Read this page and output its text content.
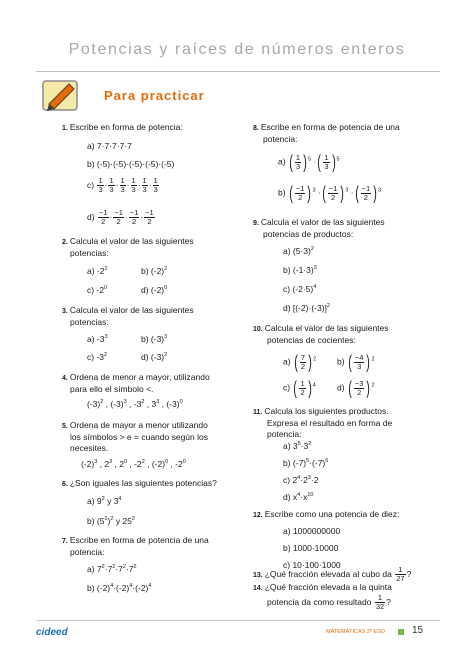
Potencias y raíces de números enteros
Para practicar
1. Escribe en forma de potencia:
a) 7·7·7·7·7
b) (-5)·(-5)·(-5)·(-5)·(-5)
$c) \frac{1}{3} \cdot \frac{1}{3} \cdot \frac{1}{3} \cdot \frac{1}{3} \cdot \frac{1}{3} \cdot \frac{1}{3}$
$d) \frac{-1}{2} \cdot \frac{-1}{2} \cdot \frac{-1}{2} \cdot \frac{-1}{2}$
2. Calcula el valor de las siguientes
potencias:
a) $-2^2$	b) $(-2)^2$
c) $-2^0$	d) $(-2)^0$
3. Calcula el valor de las siguientes
potencias:
a) $-3^3$	b) $(-3)^3$
c) $-3^2$	d) $(-3)^2$
4. Ordena de menor a mayor, utilizando
para ello el símbolo <.
$(-3)^2$ , $(-3)^3$ , $-3^2$ , $3^3$ , $(-3)^0$
5. Ordena de mayor a menor utilizando
los símbolos > e = cuando según los
necesites.
$(-2)^3$ , $2^3$ , $2^0$ , $-2^2$ , $(-2)^0$ , $-2^0$
6. ¿Son iguales las siguientes potencias?
a) $9^2$ y $3^4$
b) $(5^2)^2$ y $25^2$
7. Escribe en forma de potencia de una
potencia:
a) $7^2\cdot 7^2\cdot 7^2\cdot 7^2$
b) $(-2)^4\cdot(-2)^4\cdot(-2)^4$
8. Escribe en forma de potencia de una
potencia:
a) ( $\frac{1}{3} )^5$ ·( $\frac{1}{3} )^5$
b) ( $\frac{-1}{2} )^3$ ·( $\frac{-1}{2} )^3$ ·( $\frac{-1}{2} )^3$
9. Calcula el valor de las siguientes
potencias de productos:
a) $(5\cdot 3)^2$
b) $(-1\cdot 3)^3$
c) $(-2\cdot 5)^4$
d) $[(-2)\cdot(-3)]^2$
10. Calcula el valor de las siguientes
potencias de cocientes:
a) ( $\frac{7}{2} )^2$ b) ( $\frac{-4}{3} )^2$
c) ( $\frac{1}{2} )^4$	d) ( $\frac{-3}{2} )^2$
11. Calcula los siguientes productos.
Expresa el resultado en forma de
potencia:
a) $3^5\cdot 3^2$
b) $(-7)^5\cdot(-7)^6$
c) $2^4\cdot 2^3\cdot 2$
d) $x^4\cdot x^{10}$
12. Escribe como una potencia de diez:
a) 1000000000
b) 1000·10000
c) 10·100·1000
13. ¿Qué fracción elevada al cubo da $\frac{1}{27}$ ?
14. ¿Qué fracción elevada a la quinta
potencia da como resultado $\frac{1}{32}$ ?
cideed	MATEMÁTICAS 2º ESO	15
